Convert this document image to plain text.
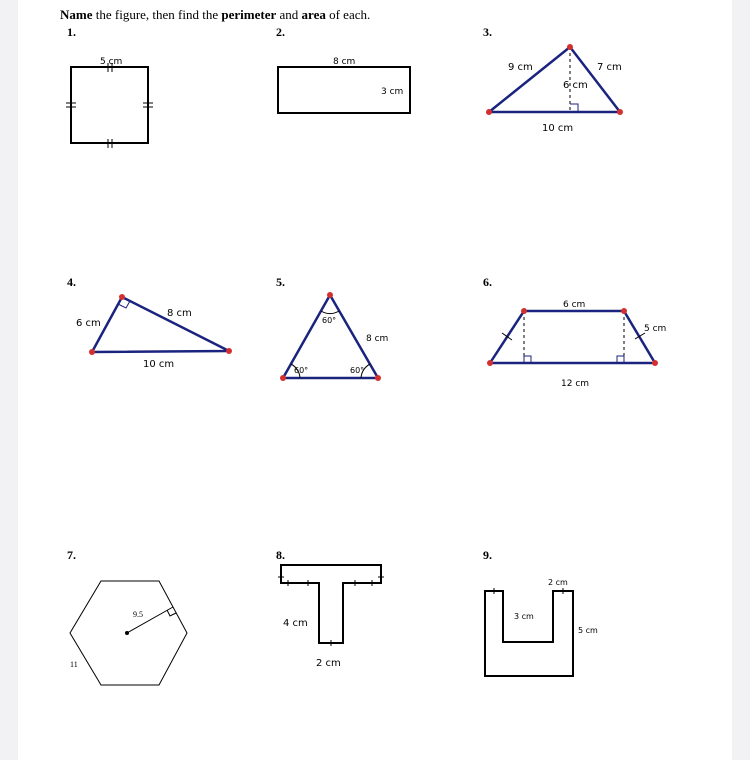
Name the figure, then find the perimeter and area of each.
1.	2.	3.
4.	5.	6.
7.	8.	9.
5 cm	8 cm
3 cm
9 cm	7 cm
6 cm
10 cm
6 cm
8 cm
10 cm
60°
60°	60°
8 cm
6 cm
5 cm
12 cm
9.5
11
4 cm
2 cm
2 cm
3 cm
5 cm
